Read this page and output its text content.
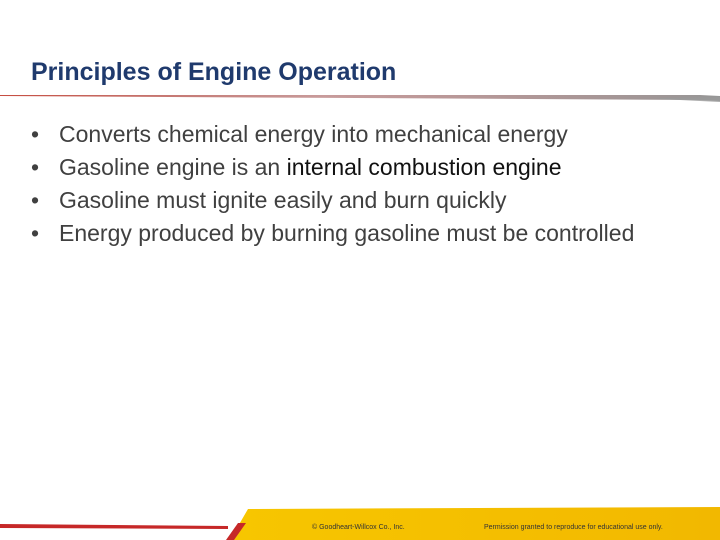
Principles of Engine Operation
• Converts chemical energy into mechanical energy
• Gasoline engine is an internal combustion engine
• Gasoline must ignite easily and burn quickly
• Energy produced by burning gasoline must be controlled
© Goodheart-Willcox Co., Inc.	Permission granted to reproduce for educational use only.
